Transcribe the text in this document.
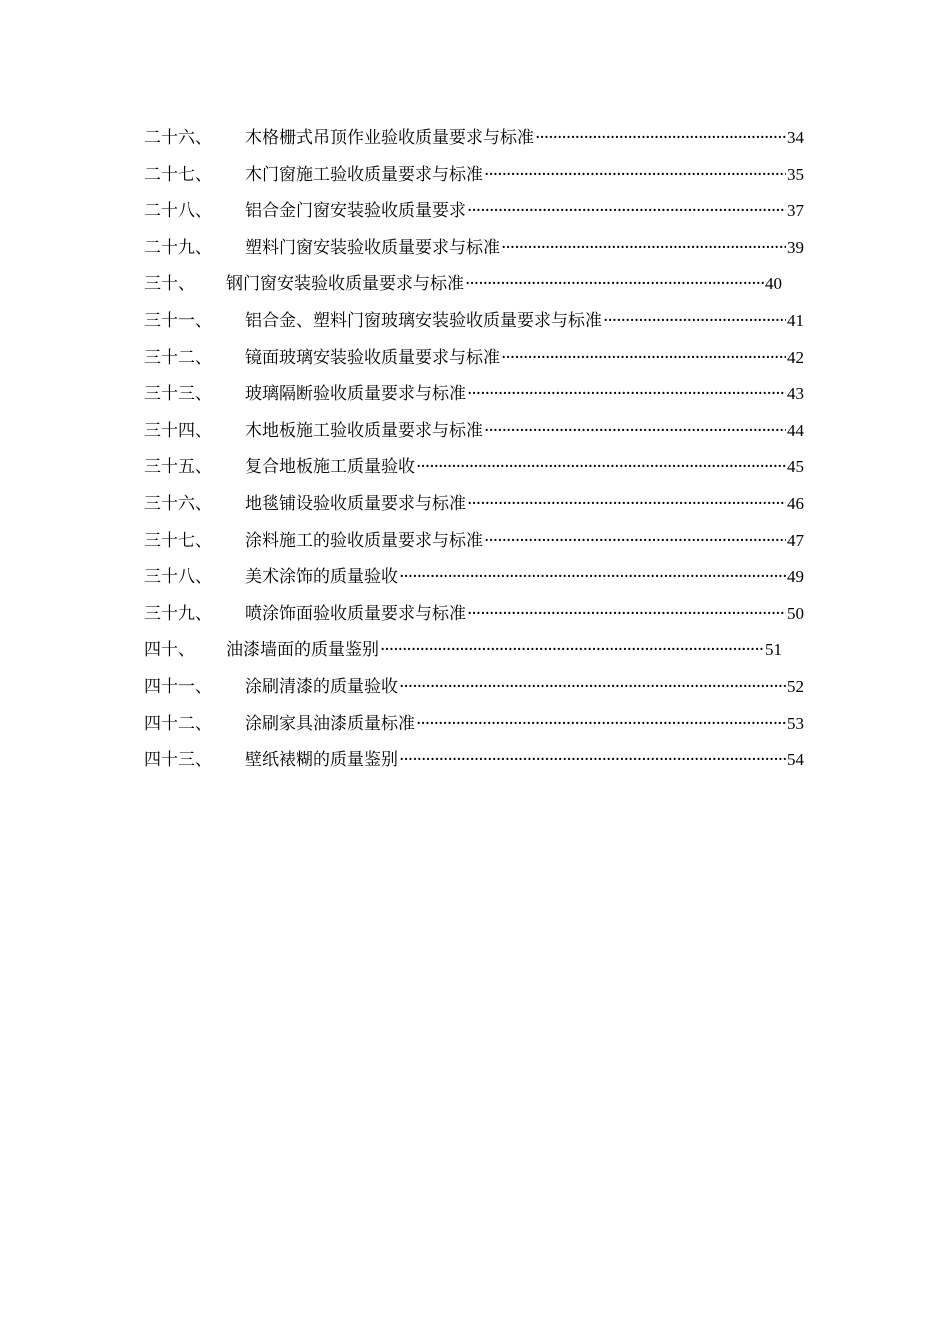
二十六、	木格栅式吊顶作业验收质量要求与标准 ·····	34
二十七、	木门窗施工验收质量要求与标准 ·····	35
二十八、	铝合金门窗安装验收质量要求 ·····	37
二十九、	塑料门窗安装验收质量要求与标准 ·····	39
三十、	钢门窗安装验收质量要求与标准 ·····	40
三十一、	铝合金、塑料门窗玻璃安装验收质量要求与标准 ·····	41
三十二、	镜面玻璃安装验收质量要求与标准 ·····	42
三十三、	玻璃隔断验收质量要求与标准 ·····	43
三十四、	木地板施工验收质量要求与标准 ·····	44
三十五、	复合地板施工质量验收 ·····	45
三十六、	地毯铺设验收质量要求与标准 ·····	46
三十七、	涂料施工的验收质量要求与标准 ·····	47
三十八、	美术涂饰的质量验收 ·····	49
三十九、	喷涂饰面验收质量要求与标准 ·····	50
四十、	油漆墙面的质量鉴别 ·····	51
四十一、	涂刷清漆的质量验收 ·····	52
四十二、	涂刷家具油漆质量标准 ·····	53
四十三、	壁纸裱糊的质量鉴别 ·····	54
